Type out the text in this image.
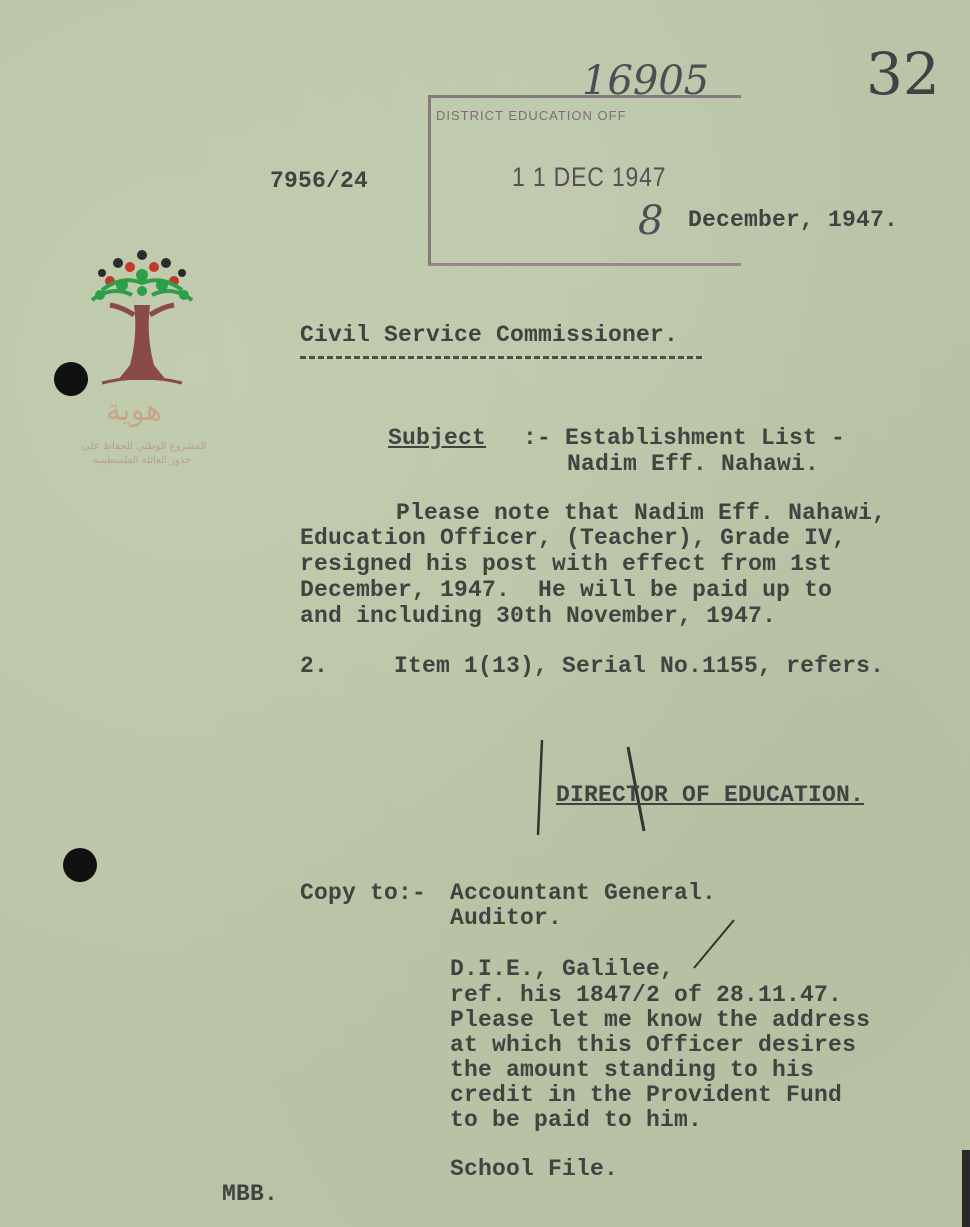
32
16905
DISTRICT EDUCATION OFF
1 1 DEC 1947
8
7956/24
December, 1947.
هوية
المشروع الوطني للحفاظ على
جذور العائلة الفلسطينية
Civil Service Commissioner.
Subject :- Establishment List -
Nadim Eff. Nahawi.
Please note that Nadim Eff. Nahawi,
Education Officer, (Teacher), Grade IV,
resigned his post with effect from 1st
December, 1947.  He will be paid up to
and including 30th November, 1947.
2.	Item 1(13), Serial No.1155, refers.
DIRECTOR OF EDUCATION.
Copy to:- Accountant General.
Auditor.
D.I.E., Galilee,
ref. his 1847/2 of 28.11.47.
Please let me know the address
at which this Officer desires
the amount standing to his
credit in the Provident Fund
to be paid to him.
School File.
MBB.
